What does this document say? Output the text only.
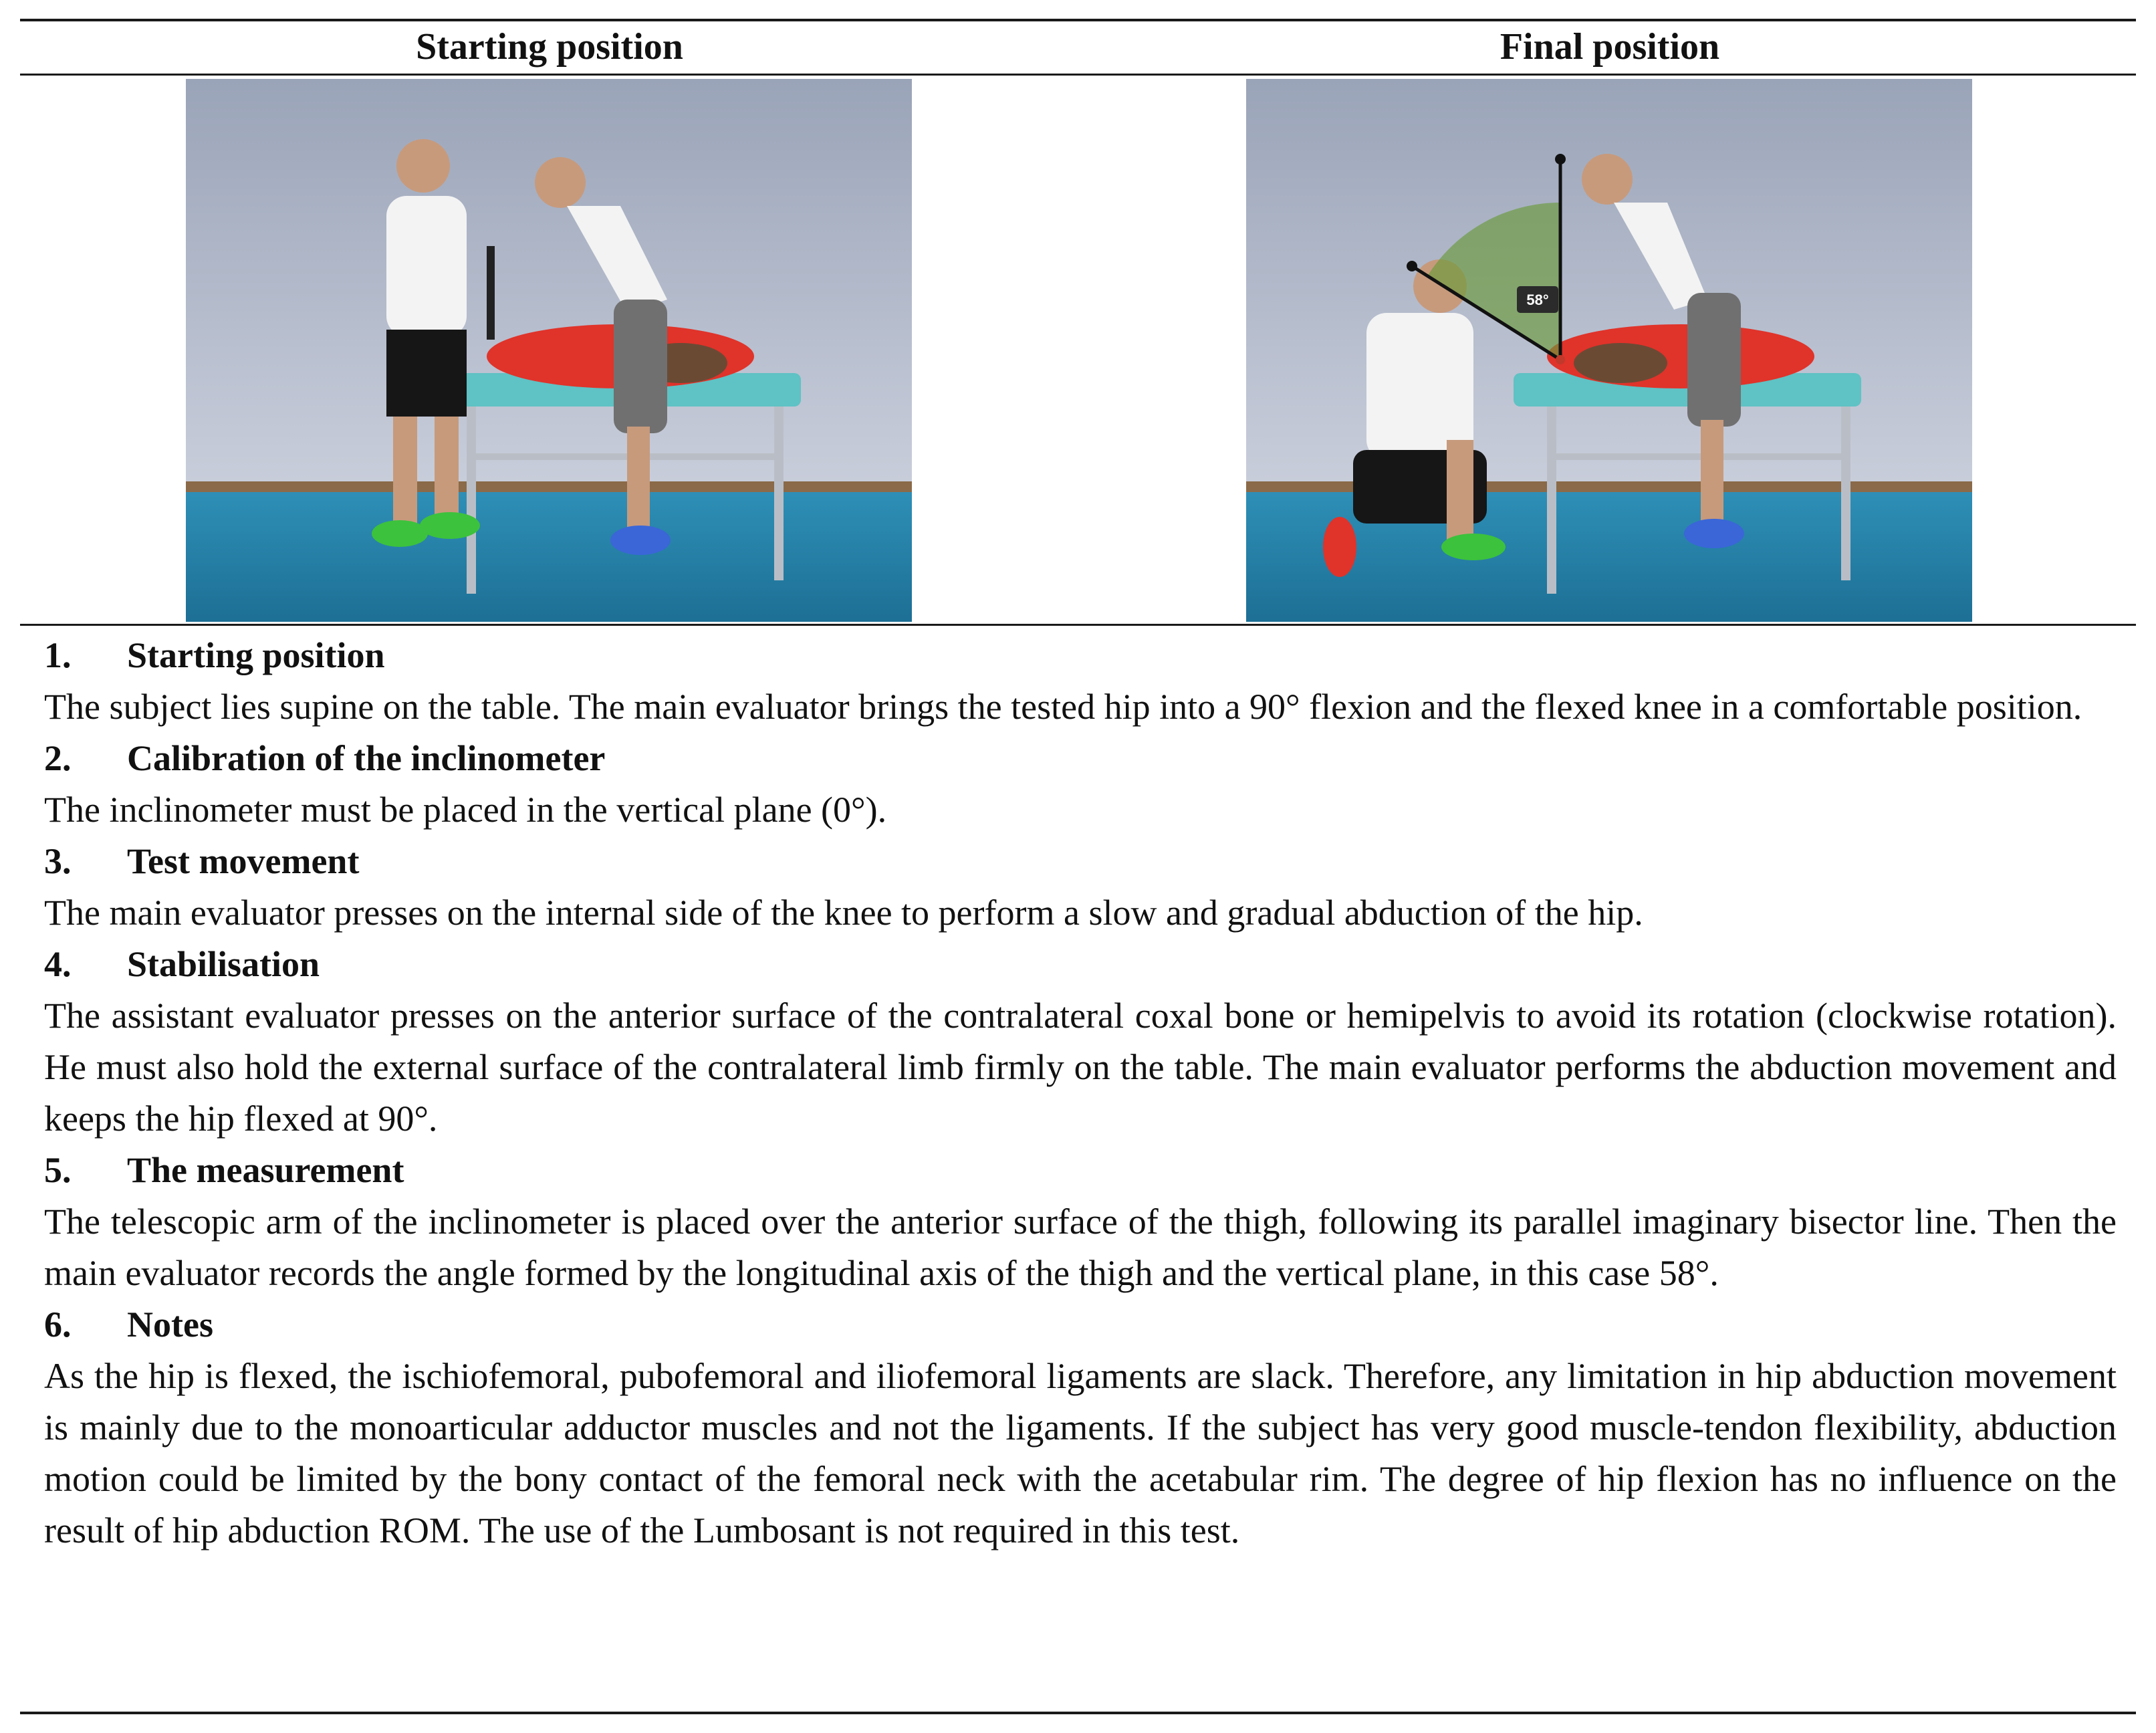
Starting position	Final position
58°
1. Starting position
The subject lies supine on the table. The main evaluator brings the tested hip into a 90° flexion and the flexed knee in a comfortable position.
2. Calibration of the inclinometer
The inclinometer must be placed in the vertical plane (0°).
3. Test movement
The main evaluator presses on the internal side of the knee to perform a slow and gradual abduction of the hip.
4. Stabilisation
The assistant evaluator presses on the anterior surface of the contralateral coxal bone or hemipelvis to avoid its rotation (clockwise rotation). He must also hold the external surface of the contralateral limb firmly on the table. The main evaluator performs the abduction movement and keeps the hip flexed at 90°.
5. The measurement
The telescopic arm of the inclinometer is placed over the anterior surface of the thigh, following its parallel imaginary bisector line. Then the main evaluator records the angle formed by the longitudinal axis of the thigh and the vertical plane, in this case 58°.
6. Notes
As the hip is flexed, the ischiofemoral, pubofemoral and iliofemoral ligaments are slack. Therefore, any limitation in hip abduction movement is mainly due to the monoarticular adductor muscles and not the ligaments. If the subject has very good muscle-tendon flexibility, abduction motion could be limited by the bony contact of the femoral neck with the acetabular rim. The degree of hip flexion has no influence on the result of hip abduction ROM. The use of the Lumbosant is not required in this test.
